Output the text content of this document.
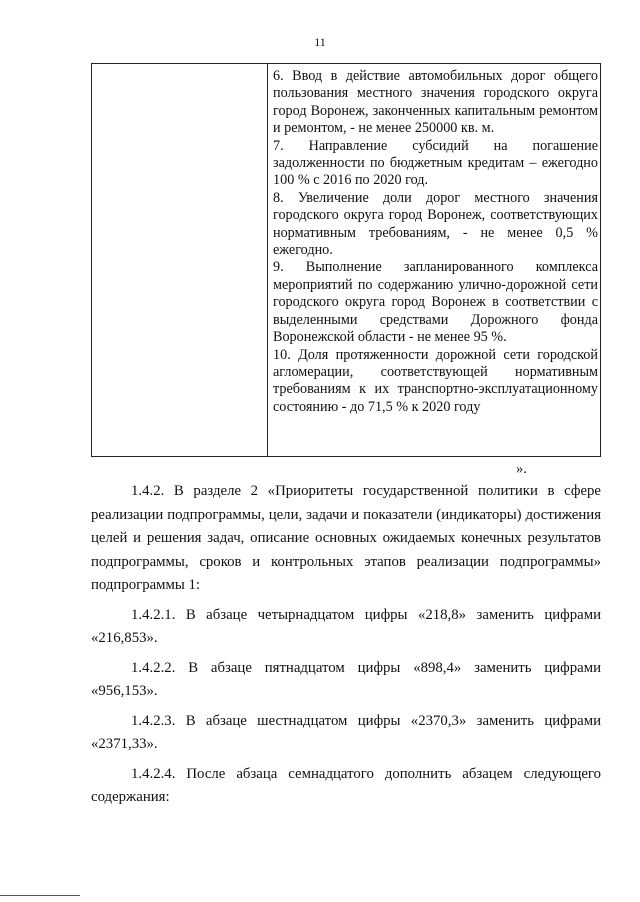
11

6. Ввод в действие автомобильных дорог общего пользования местного значения городского округа город Воронеж, законченных капитальным ремонтом и ремонтом, - не менее 250000 кв. м.

7. Направление субсидий на погашение задолженности по бюджетным кредитам – ежегодно 100 % с 2016 по 2020 год.

8. Увеличение доли дорог местного значения городского округа город Воронеж, соответствующих нормативным требованиям, - не менее 0,5 % ежегодно.

9. Выполнение запланированного комплекса мероприятий по содержанию улично-дорожной сети городского округа город Воронеж в соответствии с выделенными средствами Дорожного фонда Воронежской области - не менее 95 %.

10. Доля протяженности дорожной сети городской агломерации, соответствующей нормативным требованиям к их транспортно-эксплуатационному состоянию - до 71,5 % к 2020 году

».

1.4.2. В разделе 2 «Приоритеты государственной политики в сфере реализации подпрограммы, цели, задачи и показатели (индикаторы) достижения целей и решения задач, описание основных ожидаемых конечных результатов подпрограммы, сроков и контрольных этапов реализации подпрограммы» подпрограммы 1:

1.4.2.1. В абзаце четырнадцатом цифры «218,8» заменить цифрами «216,853».

1.4.2.2. В абзаце пятнадцатом цифры «898,4» заменить цифрами «956,153».

1.4.2.3. В абзаце шестнадцатом цифры «2370,3» заменить цифрами «2371,33».

1.4.2.4. После абзаца семнадцатого дополнить абзацем следующего содержания:
